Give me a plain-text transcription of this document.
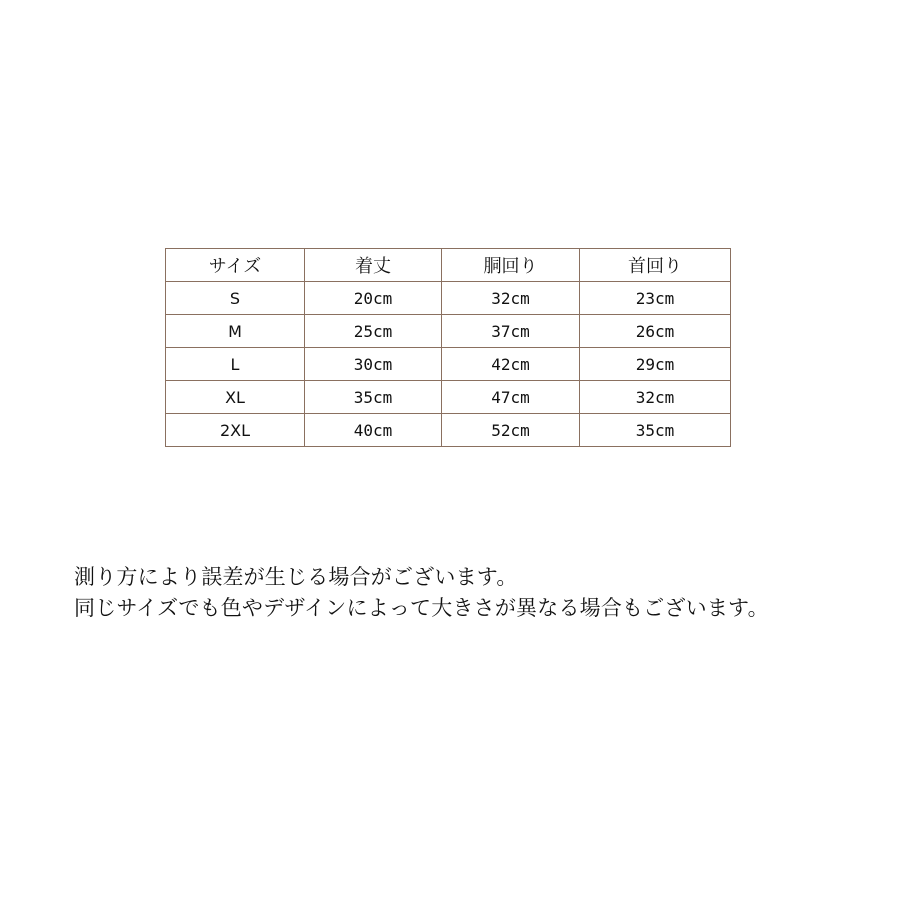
サイズ	着丈	胴回り	首回り
S	20cm	32cm	23cm
M	25cm	37cm	26cm
L	30cm	42cm	29cm
XL	35cm	47cm	32cm
2XL	40cm	52cm	35cm
測り方により誤差が生じる場合がございます。
同じサイズでも色やデザインによって大きさが異なる場合もございます。
